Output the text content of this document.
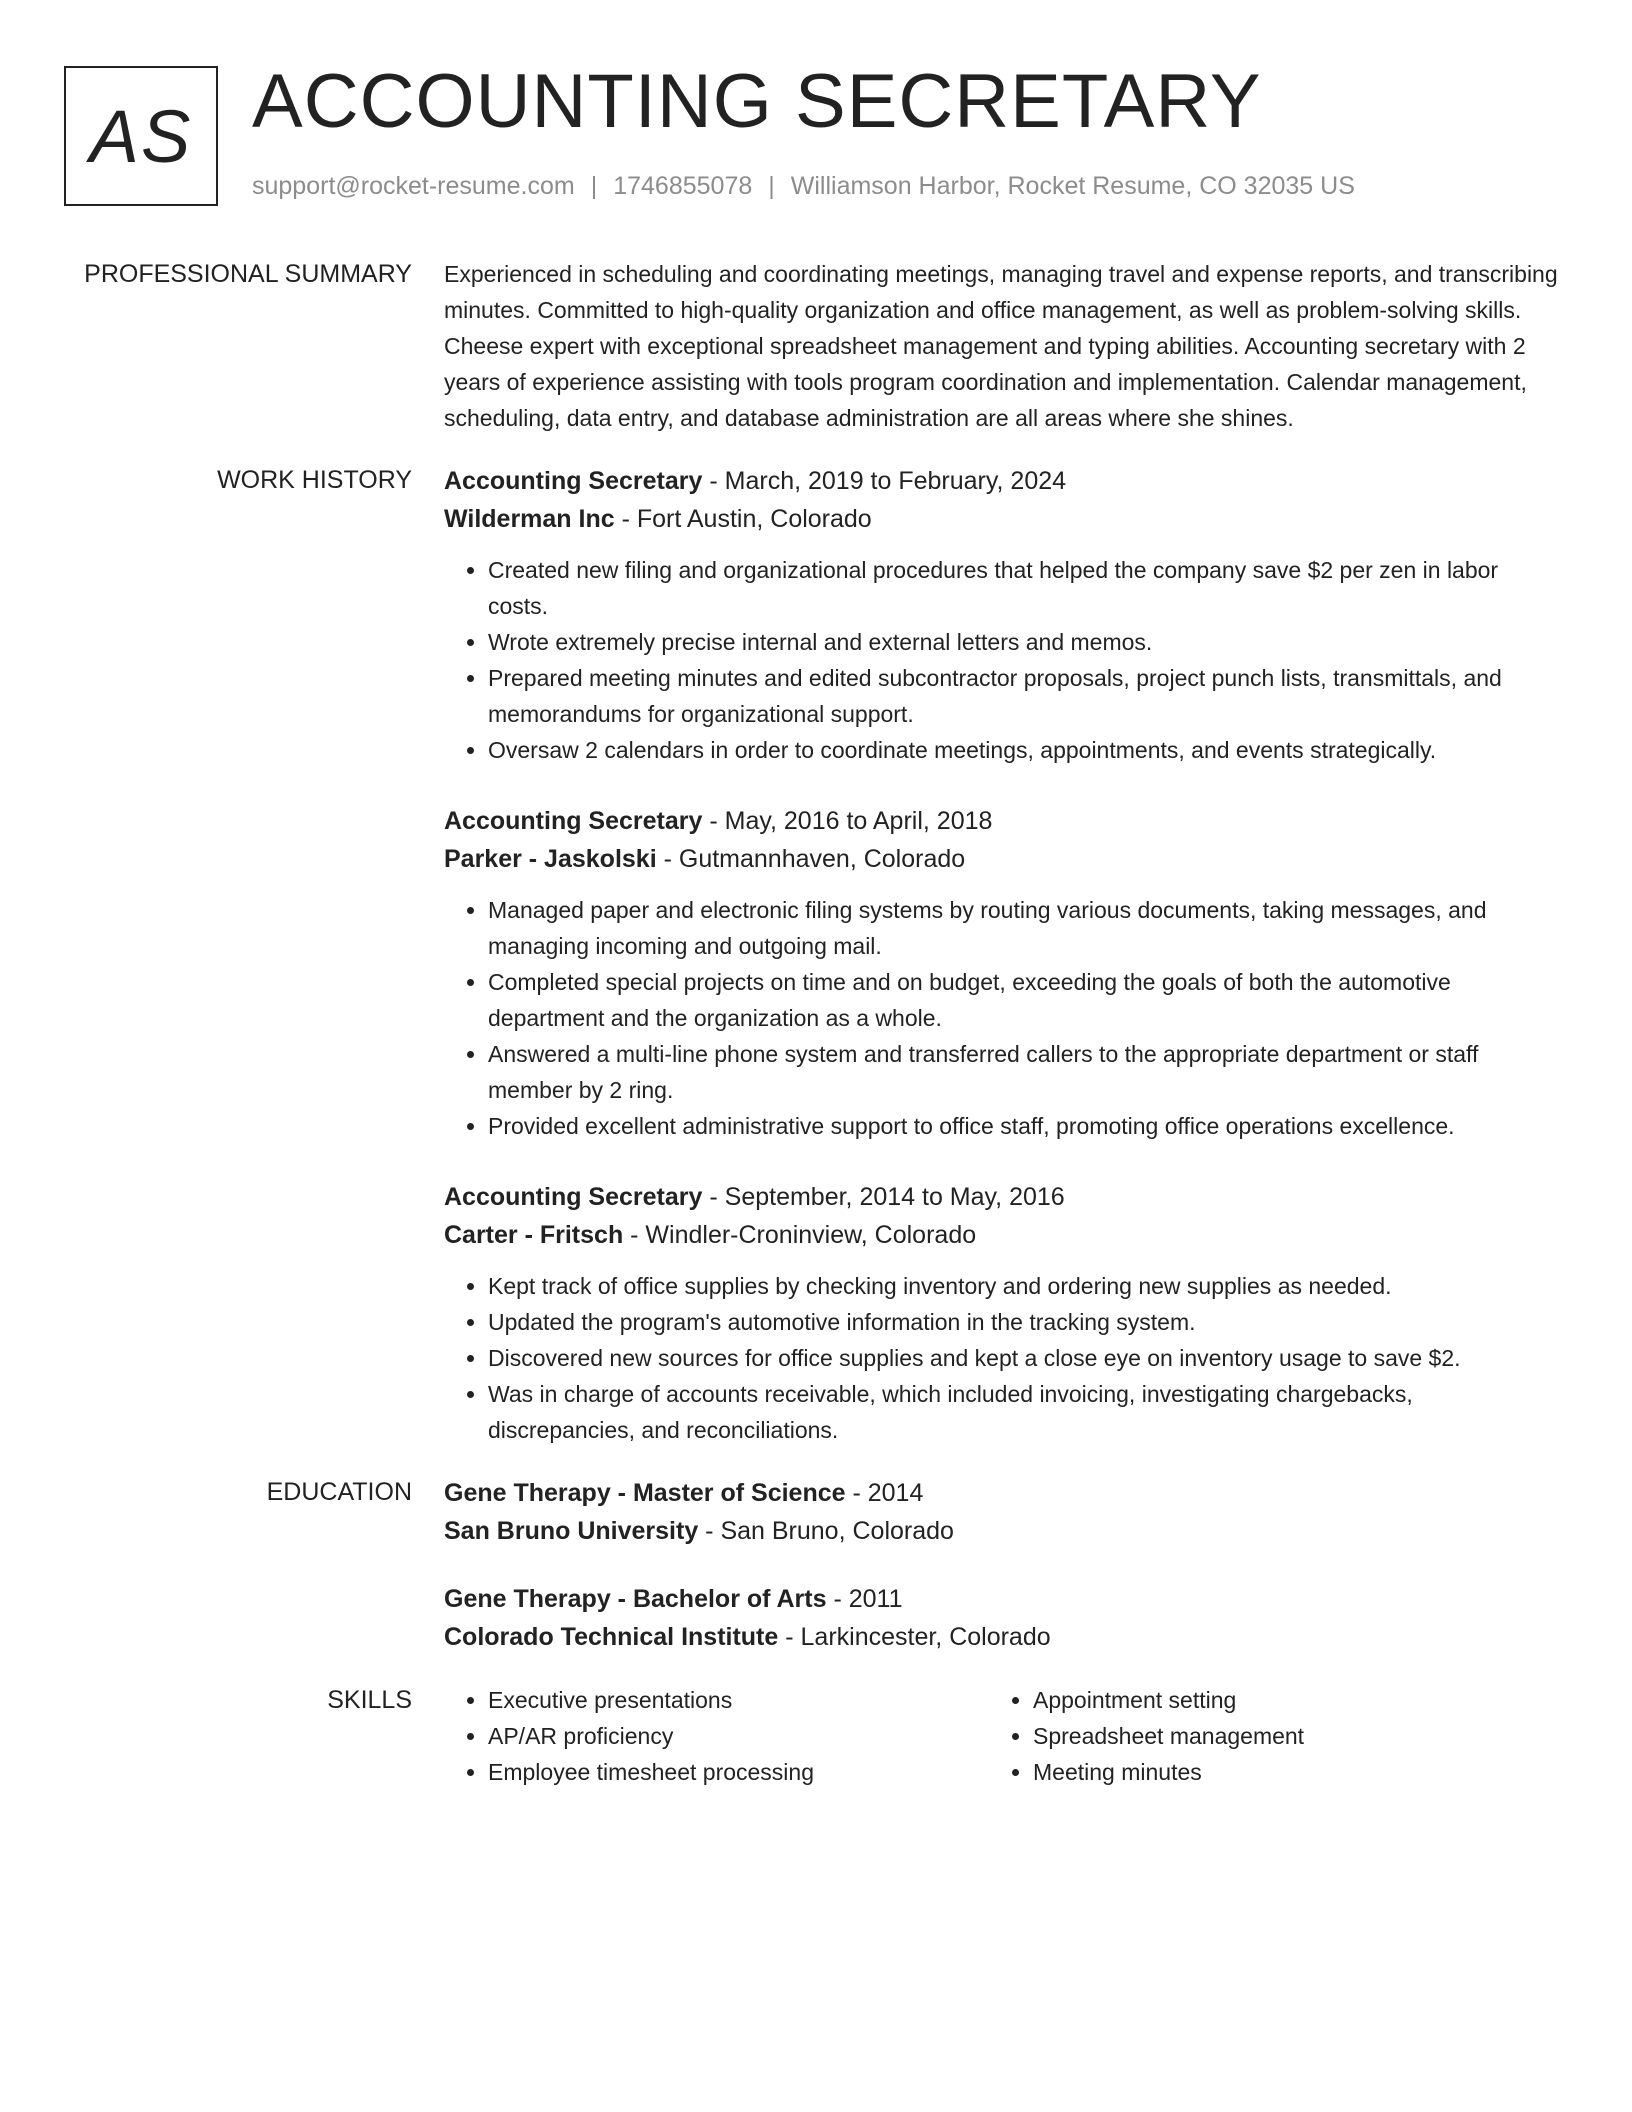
AS ACCOUNTING SECRETARY
support@rocket-resume.com | 1746855078 | Williamson Harbor, Rocket Resume, CO 32035 US
PROFESSIONAL SUMMARY Experienced in scheduling and coordinating meetings, managing travel and expense reports, and transcribing minutes. Committed to high-quality organization and office management, as well as problem-solving skills. Cheese expert with exceptional spreadsheet management and typing abilities. Accounting secretary with 2 years of experience assisting with tools program coordination and implementation. Calendar management, scheduling, data entry, and database administration are all areas where she shines.

WORK HISTORY Accounting Secretary - March, 2019 to February, 2024
Wilderman Inc - Fort Austin, Colorado
• Created new filing and organizational procedures that helped the company save $2 per zen in labor costs.
• Wrote extremely precise internal and external letters and memos.
• Prepared meeting minutes and edited subcontractor proposals, project punch lists, transmittals, and memorandums for organizational support.
• Oversaw 2 calendars in order to coordinate meetings, appointments, and events strategically.
Accounting Secretary - May, 2016 to April, 2018
Parker - Jaskolski - Gutmannhaven, Colorado
• Managed paper and electronic filing systems by routing various documents, taking messages, and managing incoming and outgoing mail.
• Completed special projects on time and on budget, exceeding the goals of both the automotive department and the organization as a whole.
• Answered a multi-line phone system and transferred callers to the appropriate department or staff member by 2 ring.
• Provided excellent administrative support to office staff, promoting office operations excellence.
Accounting Secretary - September, 2014 to May, 2016
Carter - Fritsch - Windler-Croninview, Colorado
• Kept track of office supplies by checking inventory and ordering new supplies as needed.
• Updated the program's automotive information in the tracking system.
• Discovered new sources for office supplies and kept a close eye on inventory usage to save $2.
• Was in charge of accounts receivable, which included invoicing, investigating chargebacks, discrepancies, and reconciliations.
EDUCATION Gene Therapy - Master of Science - 2014
San Bruno University - San Bruno, Colorado
Gene Therapy - Bachelor of Arts - 2011
Colorado Technical Institute - Larkincester, Colorado
SKILLS
•	Executive presentations
• AP/AR proficiency
• Employee timesheet processing
• Appointment setting
• Spreadsheet management
• Meeting minutes
